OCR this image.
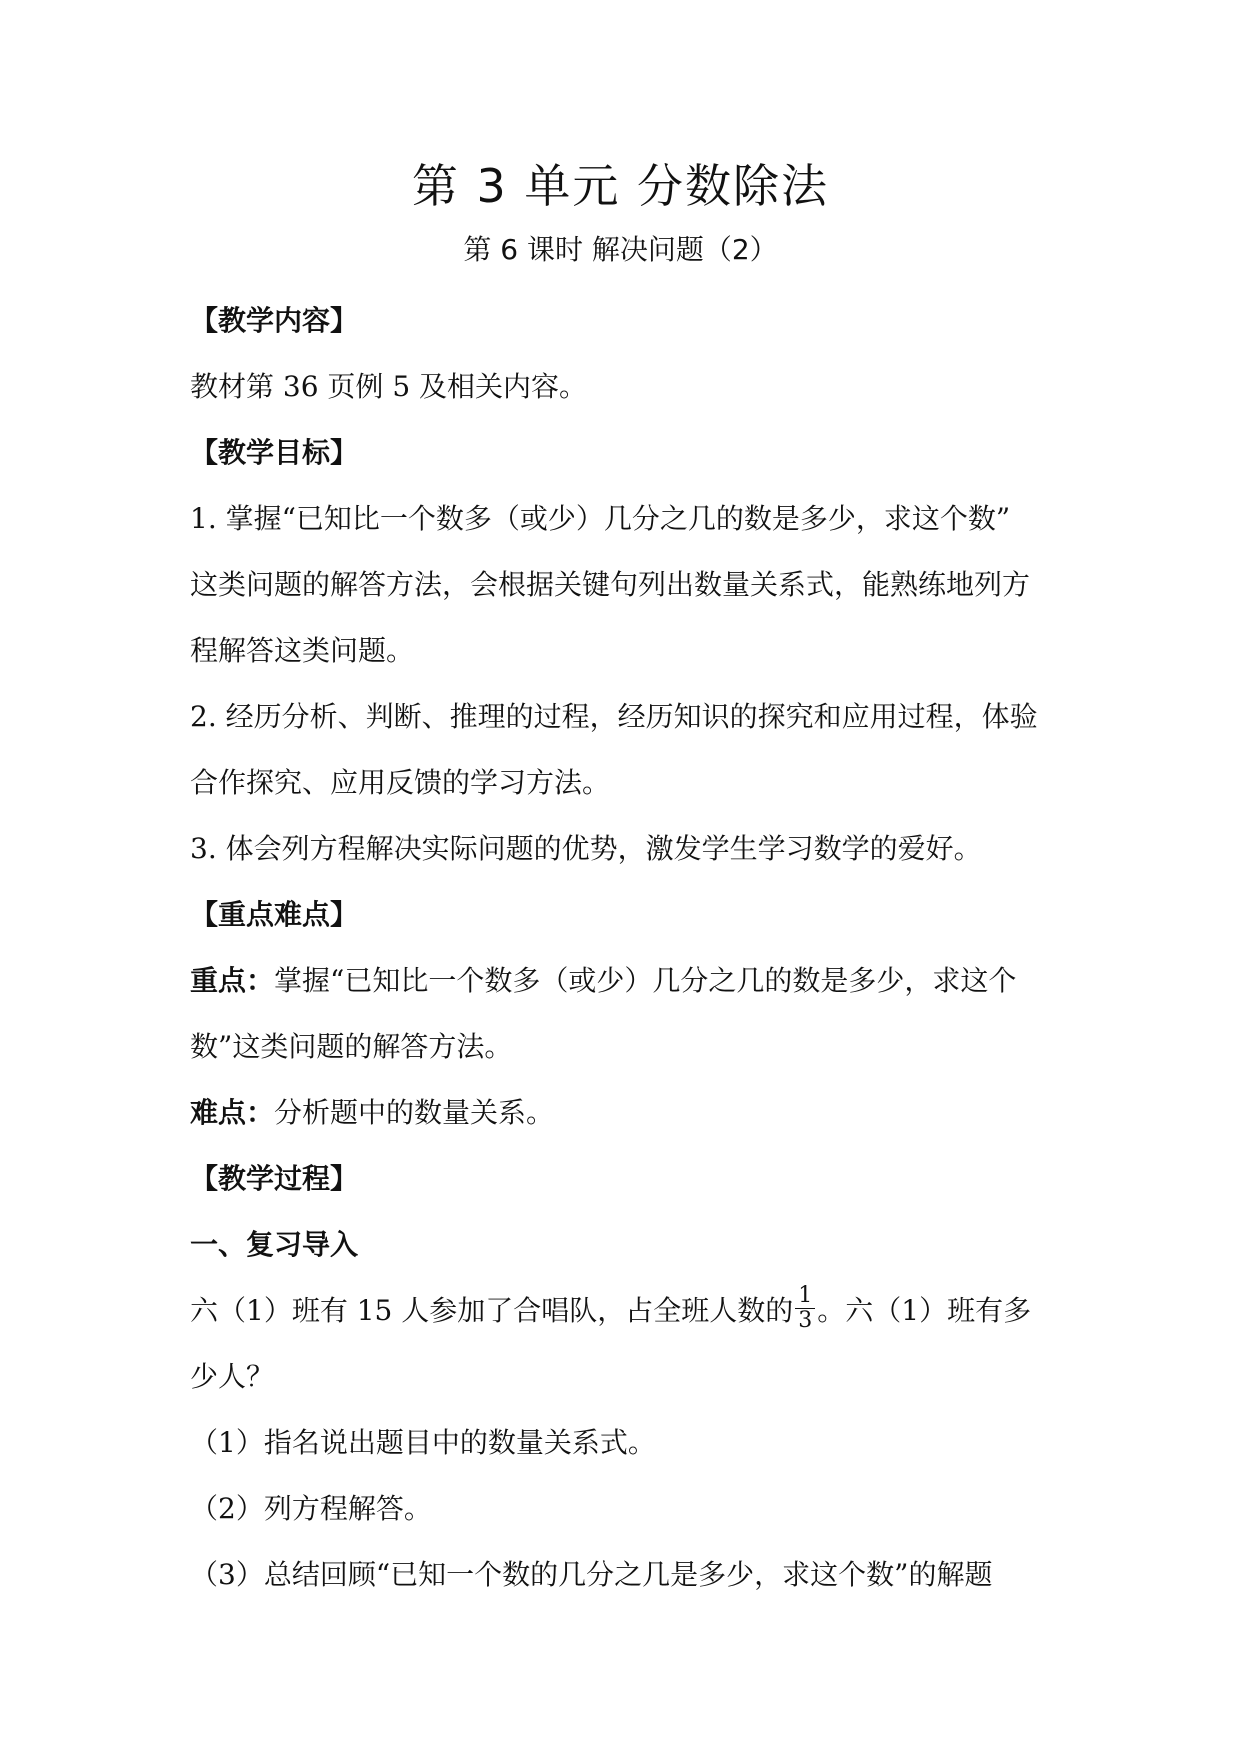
第 3 单元 分数除法
第 6 课时 解决问题（2）
【教学内容】
教材第 36 页例 5 及相关内容。
【教学目标】
1. 掌握“已知比一个数多（或少）几分之几的数是多少，求这个数”
这类问题的解答方法，会根据关键句列出数量关系式，能熟练地列方
程解答这类问题。
2. 经历分析、判断、推理的过程，经历知识的探究和应用过程，体验
合作探究、应用反馈的学习方法。
3. 体会列方程解决实际问题的优势，激发学生学习数学的爱好。
【重点难点】
重点：掌握“已知比一个数多（或少）几分之几的数是多少，求这个
数”这类问题的解答方法。
难点：分析题中的数量关系。
【教学过程】
一、复习导入
六（1）班有 15 人参加了合唱队，占全班人数的 $\frac{1}{3}$ 。六（1）班有多
少人？
（1）指名说出题目中的数量关系式。
（2）列方程解答。
（3）总结回顾“已知一个数的几分之几是多少，求这个数”的解题
